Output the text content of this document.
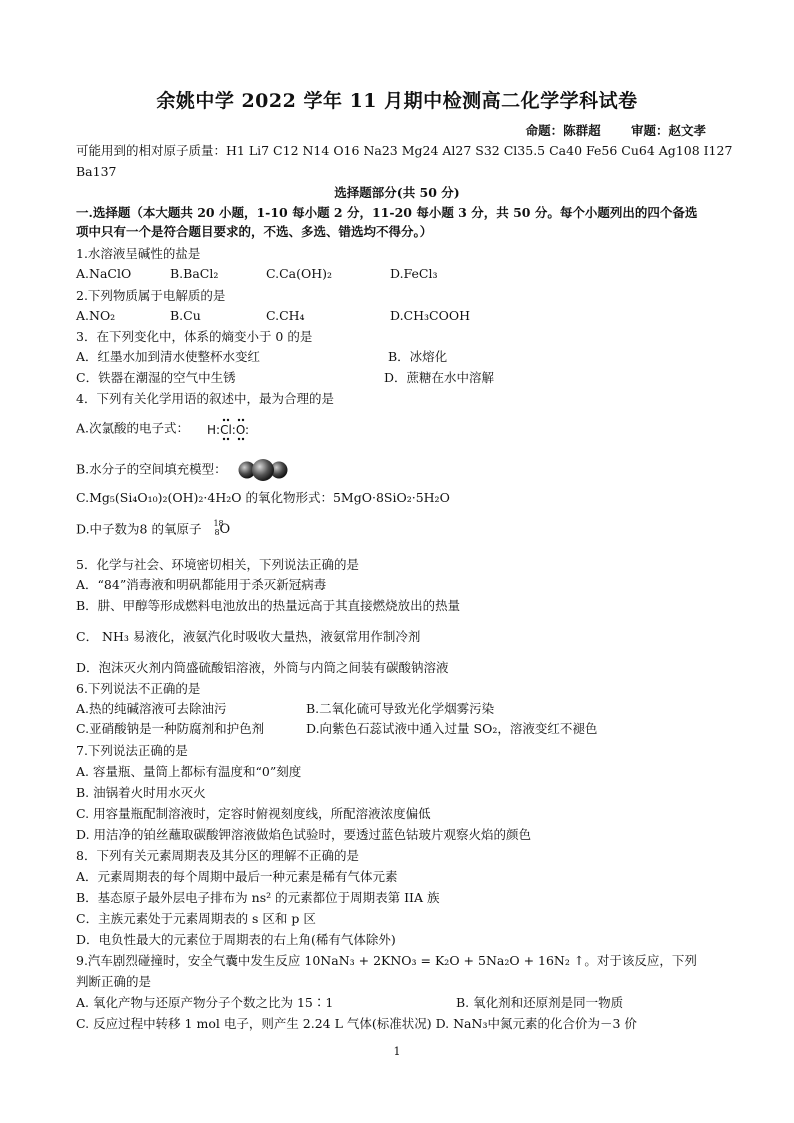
余姚中学 2022 学年 11 月期中检测高二化学学科试卷
命题：陈群超 审题：赵文孝
可能用到的相对原子质量：H1 Li7 C12 N14 O16 Na23 Mg24 Al27 S32 Cl35.5 Ca40 Fe56 Cu64 Ag108 I127
Ba137
选择题部分(共 50 分)
一.选择题（本大题共 20 小题，1-10 每小题 2 分，11-20 每小题 3 分，共 50 分。每个小题列出的四个备选
项中只有一个是符合题目要求的，不选、多选、错选均不得分。）
1.水溶液呈碱性的盐是
A.NaClO	B.BaCl₂	C.Ca(OH)₂	D.FeCl₃
2.下列物质属于电解质的是
A.NO₂	B.Cu	C.CH₄	D.CH₃COOH
3．在下列变化中，体系的熵变小于 0 的是
A．红墨水加到清水使整杯水变红	B．冰熔化
C．铁器在潮湿的空气中生锈	D．蔗糖在水中溶解
4．下列有关化学用语的叙述中，最为合理的是
A.次氯酸的电子式： H:Cl:O:
B.水分子的空间填充模型：
C.Mg₅(Si₄O₁₀)₂(OH)₂·4H₂O 的氧化物形式：5MgO·8SiO₂·5H₂O
D.中子数为8 的氧原子 18
8 O
5．化学与社会、环境密切相关，下列说法正确的是
A．“84”消毒液和明矾都能用于杀灭新冠病毒
B．肼、甲醇等形成燃料电池放出的热量远高于其直接燃烧放出的热量
C． NH₃ 易液化，液氨汽化时吸收大量热，液氨常用作制冷剂
D．泡沫灭火剂内筒盛硫酸铝溶液，外筒与内筒之间装有碳酸钠溶液
6.下列说法不正确的是
A.热的纯碱溶液可去除油污	B.二氧化硫可导致光化学烟雾污染
C.亚硝酸钠是一种防腐剂和护色剂	D.向紫色石蕊试液中通入过量 SO₂，溶液变红不褪色
7.下列说法正确的是
A. 容量瓶、量筒上都标有温度和“0”刻度
B. 油锅着火时用水灭火
C. 用容量瓶配制溶液时，定容时俯视刻度线，所配溶液浓度偏低
D. 用洁净的铂丝蘸取碳酸钾溶液做焰色试验时，要透过蓝色钴玻片观察火焰的颜色
8．下列有关元素周期表及其分区的理解不正确的是
A．元素周期表的每个周期中最后一种元素是稀有气体元素
B．基态原子最外层电子排布为 ns² 的元素都位于周期表第 IIA 族
C．主族元素处于元素周期表的 s 区和 p 区
D．电负性最大的元素位于周期表的右上角(稀有气体除外)
9.汽车剧烈碰撞时，安全气囊中发生反应 10NaN₃ + 2KNO₃ = K₂O + 5Na₂O + 16N₂ ↑。对于该反应，下列
判断正确的是
A. 氧化产物与还原产物分子个数之比为 15∶1	B. 氧化剂和还原剂是同一物质
C. 反应过程中转移 1 mol 电子，则产生 2.24 L 气体(标准状况) D. NaN₃中氮元素的化合价为－3 价
1
